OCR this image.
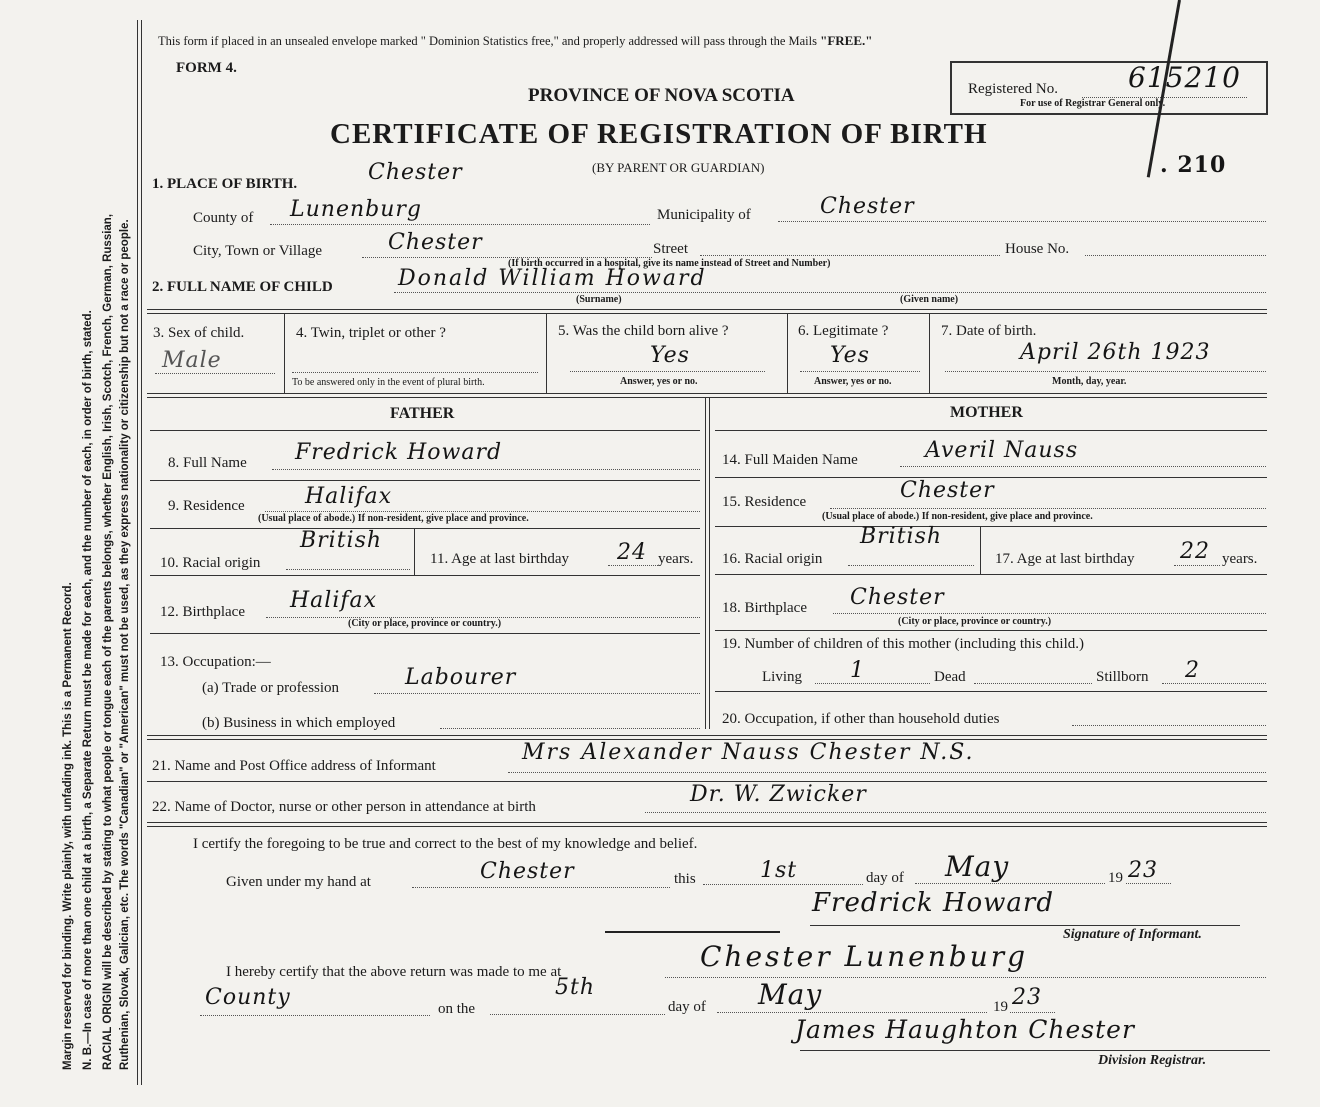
Margin reserved for binding. Write plainly, with unfading ink. This is a Permanent Record. N. B.—In case of more than one child at a birth, a Separate Return must be made for each, and the number of each, in order of birth, stated. RACIAL ORIGIN will be described by stating to what people or tongue each of the parents belongs, whether English, Irish, Scotch, French, German, Russian, Ruthenian, Slovak, Galician, etc. The words "Canadian" or "American" must not be used, as they express nationality or citizenship but not a race or people.
This form if placed in an unsealed envelope marked " Dominion Statistics free," and properly addressed will pass through the Mails "FREE."
FORM 4.
PROVINCE OF NOVA SCOTIA
CERTIFICATE OF REGISTRATION OF BIRTH
(BY PARENT OR GUARDIAN)
Registered No.	615210
For use of Registrar General only.
. 210
1. PLACE OF BIRTH.	Chester
County of Lunenburg	Municipality of	Chester
City, Town or Village	Chester	Street	House No.
(If birth occurred in a hospital, give its name instead of Street and Number)
2. FULL NAME OF CHILD	Donald William Howard
(Surname)	(Given name)
3. Sex of child.
Male
4. Twin, triplet or other ?
To be answered only in the event of plural birth.
5. Was the child born alive ?
Yes
Answer, yes or no.
6. Legitimate ?
Yes
Answer, yes or no.
7. Date of birth.
April 26th 1923
Month, day, year.
FATHER
8. Full Name Fredrick Howard
9. Residence	Halifax
(Usual place of abode.) If non-resident, give place and province.
10. Racial origin
British
11. Age at last birthday 24 years.
12. Birthplace Halifax
(City or place, province or country.)
13. Occupation:—
(a) Trade or profession	Labourer
(b) Business in which employed
MOTHER
14. Full Maiden Name	Averil Nauss
15. Residence	Chester
(Usual place of abode.) If non-resident, give place and province.
16. Racial origin
British
17. Age at last birthday 22 years.
18. Birthplace Chester
(City or place, province or country.)
19. Number of children of this mother (including this child.)
Living 1	Dead	Stillborn 2
20. Occupation, if other than household duties
21. Name and Post Office address of Informant
Mrs Alexander Nauss Chester N.S.
22. Name of Doctor, nurse or other person in attendance at birth	Dr. W. Zwicker
I certify the foregoing to be true and correct to the best of my knowledge and belief.
Given under my hand at	Chester	this	1st	day of May	19 23
Fredrick Howard
Signature of Informant.
I hereby certify that the above return was made to me at	Chester Lunenburg
County	on the
5th
day of May	19 23
James Haughton Chester
Division Registrar.
